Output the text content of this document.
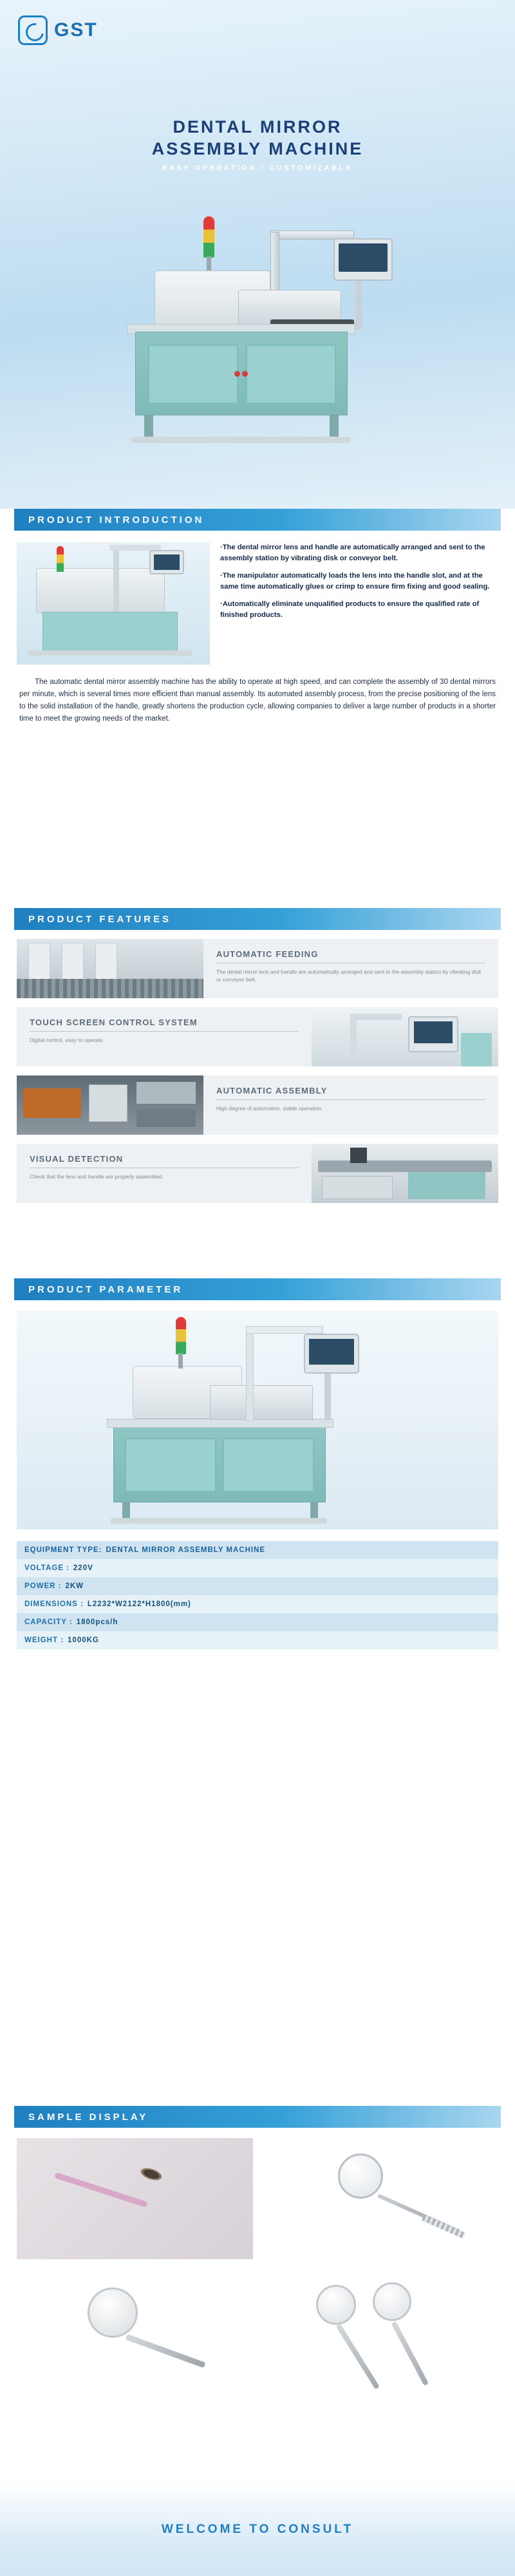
GST
DENTAL MIRROR
ASSEMBLY MACHINE
EASY OPERATION / CUSTOMIZABLE
PRODUCT INTRODUCTION

·The dental mirror lens and handle are automatically arranged and sent to the assembly station by vibrating disk or conveyor belt.

·The manipulator automatically loads the lens into the handle slot, and at the same time automatically glues or crimp to ensure firm fixing and good sealing.

·Automatically eliminate unqualified products to ensure the qualified rate of finished products.

The automatic dental mirror assembly machine has the ability to operate at high speed, and can complete the assembly of 30 dental mirrors per minute, which is several times more efficient than manual assembly. Its automated assembly process, from the precise positioning of the lens to the solid installation of the handle, greatly shortens the production cycle, allowing companies to deliver a large number of products in a shorter time to meet the growing needs of the market.

PRODUCT FEATURES
AUTOMATIC FEEDING
The dental mirror lens and handle are automatically arranged and sent to the assembly station by vibrating disk or conveyor belt.
TOUCH SCREEN CONTROL SYSTEM
Digital control, easy to operate.
AUTOMATIC ASSEMBLY
High degree of automation, stable operation.
VISUAL DETECTION
Check that the lens and handle are properly assembled.
PRODUCT PARAMETER
EQUIPMENT TYPE: DENTAL MIRROR ASSEMBLY MACHINE
VOLTAGE : 220V
POWER : 2KW
DIMENSIONS : L2232*W2122*H1800(mm)
CAPACITY : 1800pcs/h
WEIGHT : 1000KG
SAMPLE DISPLAY
WELCOME TO CONSULT
